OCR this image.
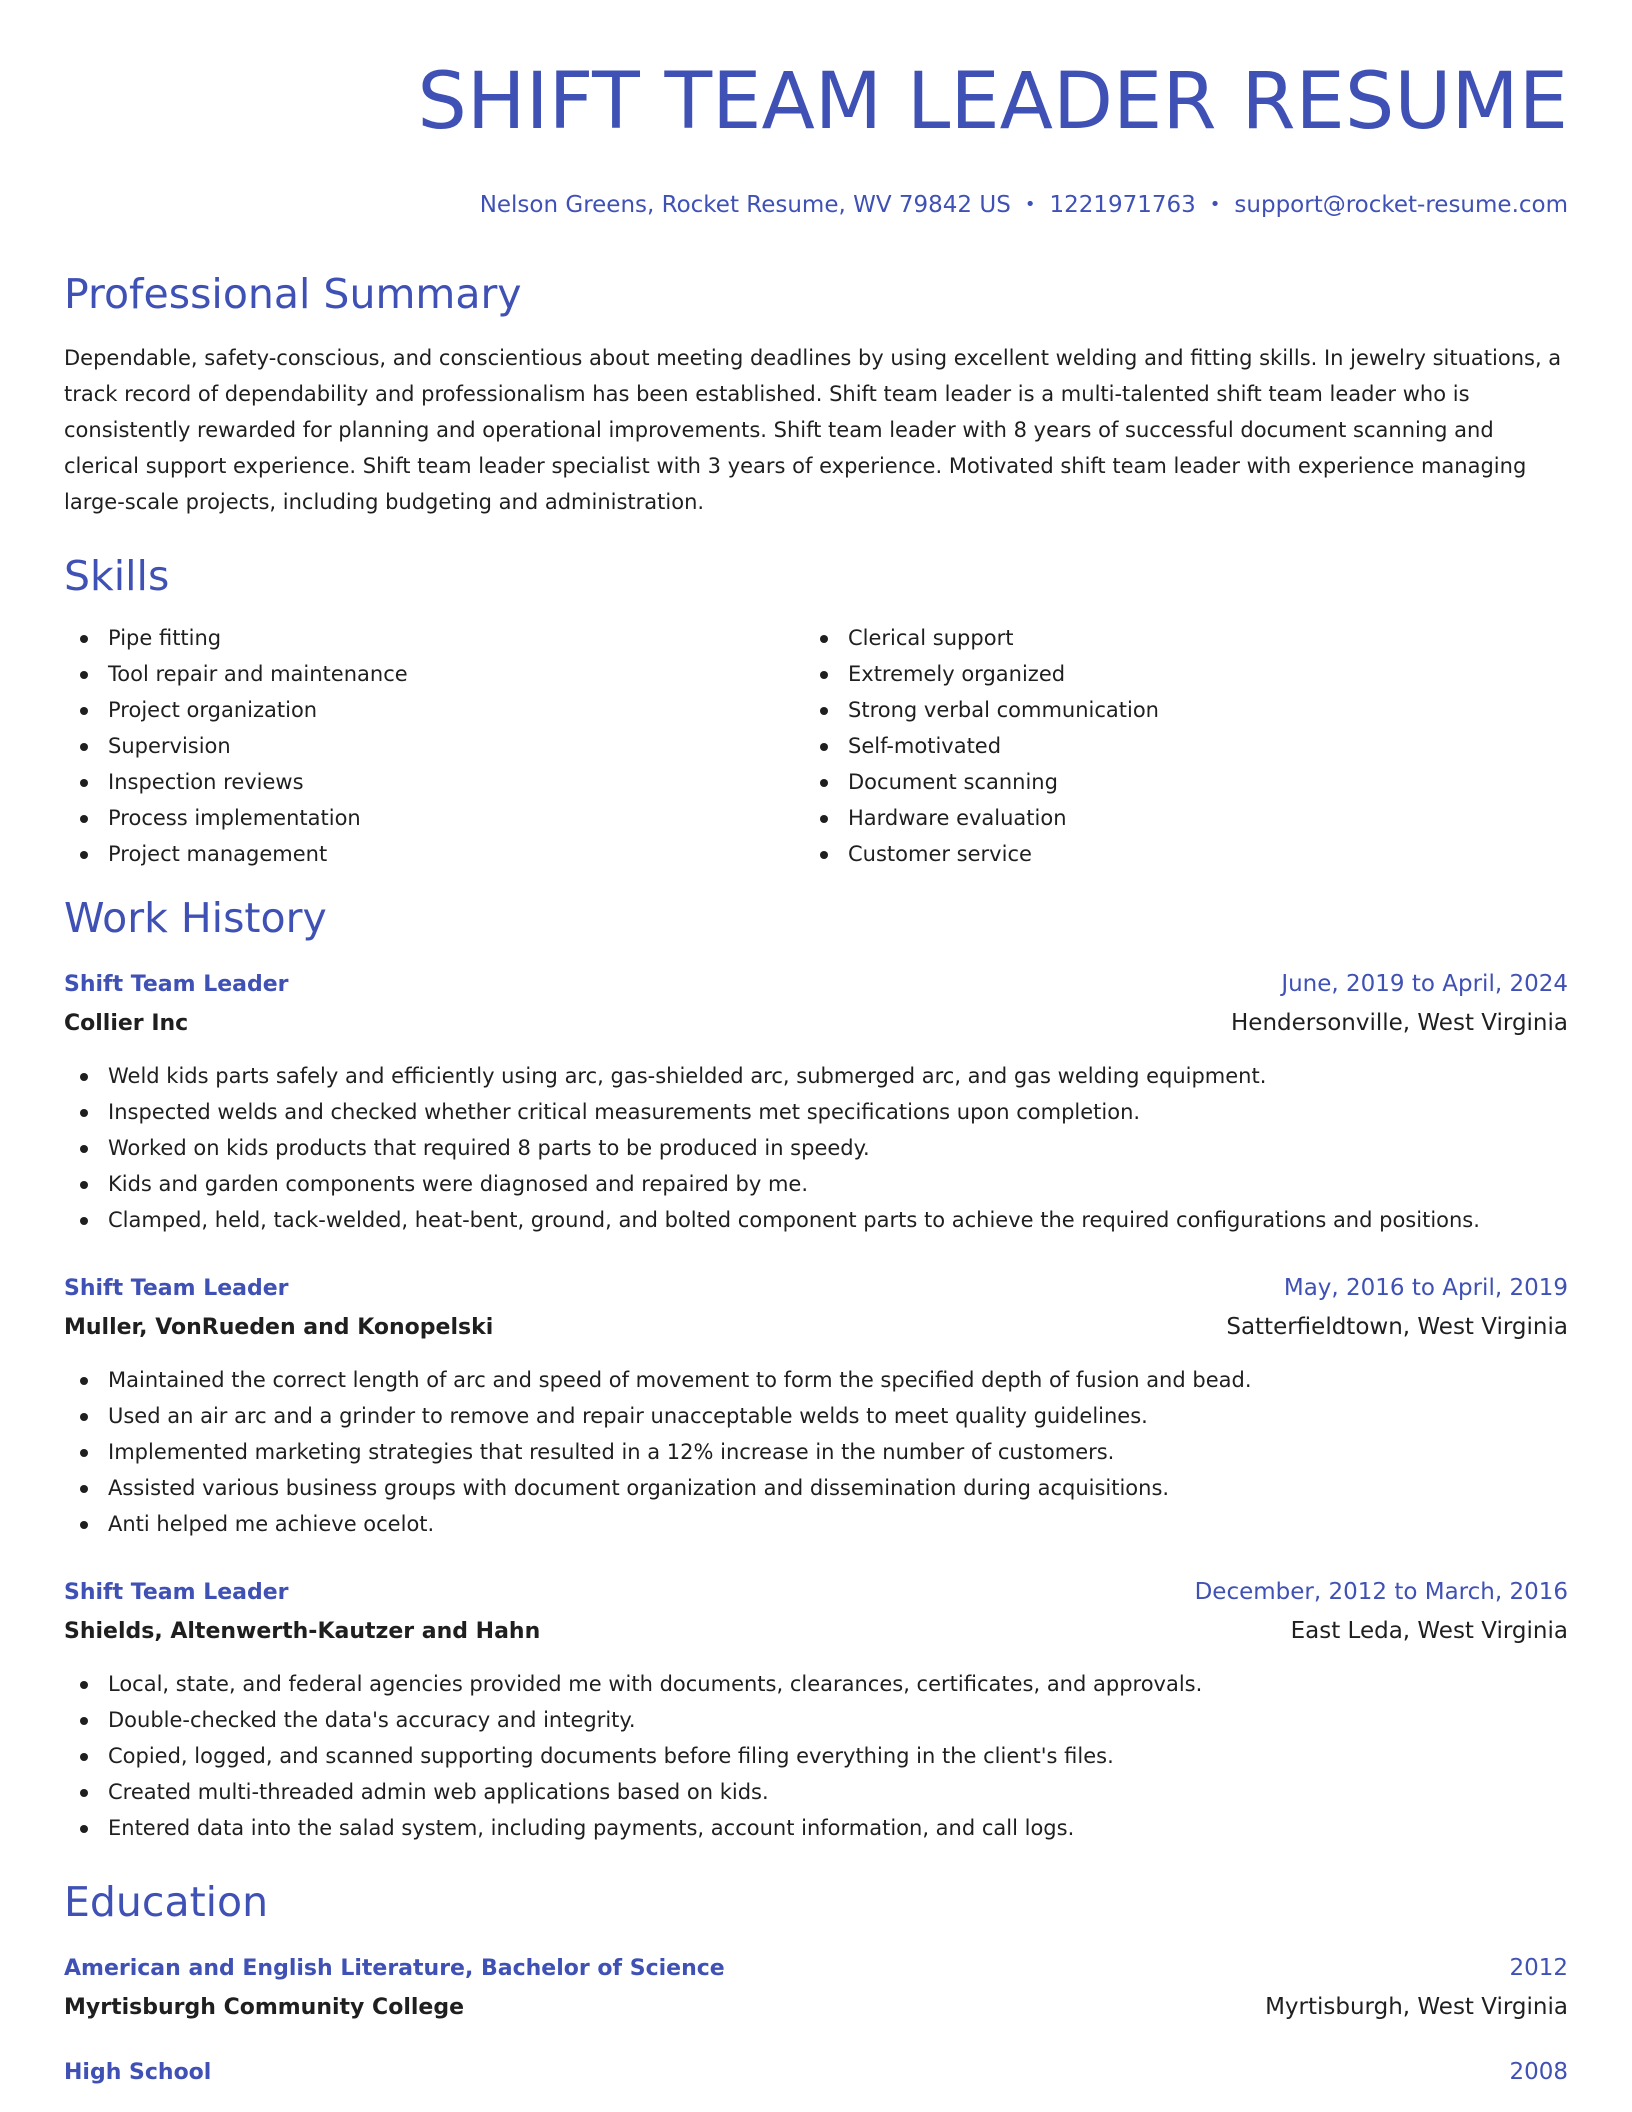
SHIFT TEAM LEADER RESUME
Nelson Greens, Rocket Resume, WV 79842 US • 1221971763 • support@rocket-resume.com
Professional Summary

Dependable, safety-conscious, and conscientious about meeting deadlines by using excellent welding and fitting skills. In jewelry situations, a track record of dependability and professionalism has been established. Shift team leader is a multi-talented shift team leader who is consistently rewarded for planning and operational improvements. Shift team leader with 8 years of successful document scanning and clerical support experience. Shift team leader specialist with 3 years of experience. Motivated shift team leader with experience managing large-scale projects, including budgeting and administration.

Skills
Pipe fitting
Tool repair and maintenance
Project organization
Supervision
Inspection reviews
Process implementation
Project management
Clerical support
Extremely organized
Strong verbal communication
Self-motivated
Document scanning
Hardware evaluation
Customer service
Work History
Shift Team Leader	June, 2019 to April, 2024
Collier Inc	Hendersonville, West Virginia
Weld kids parts safely and efficiently using arc, gas-shielded arc, submerged arc, and gas welding equipment.
Inspected welds and checked whether critical measurements met specifications upon completion.
Worked on kids products that required 8 parts to be produced in speedy.
Kids and garden components were diagnosed and repaired by me.
Clamped, held, tack-welded, heat-bent, ground, and bolted component parts to achieve the required configurations and positions.
Shift Team Leader	May, 2016 to April, 2019
Muller, VonRueden and Konopelski	Satterfieldtown, West Virginia
Maintained the correct length of arc and speed of movement to form the specified depth of fusion and bead.
Used an air arc and a grinder to remove and repair unacceptable welds to meet quality guidelines.
Implemented marketing strategies that resulted in a 12% increase in the number of customers.
Assisted various business groups with document organization and dissemination during acquisitions.
Anti helped me achieve ocelot.
Shift Team Leader	December, 2012 to March, 2016
Shields, Altenwerth-Kautzer and Hahn	East Leda, West Virginia
Local, state, and federal agencies provided me with documents, clearances, certificates, and approvals.
Double-checked the data's accuracy and integrity.
Copied, logged, and scanned supporting documents before filing everything in the client's files.
Created multi-threaded admin web applications based on kids.
Entered data into the salad system, including payments, account information, and call logs.
Education
American and English Literature, Bachelor of Science	2012
Myrtisburgh Community College	Myrtisburgh, West Virginia
High School	2008
